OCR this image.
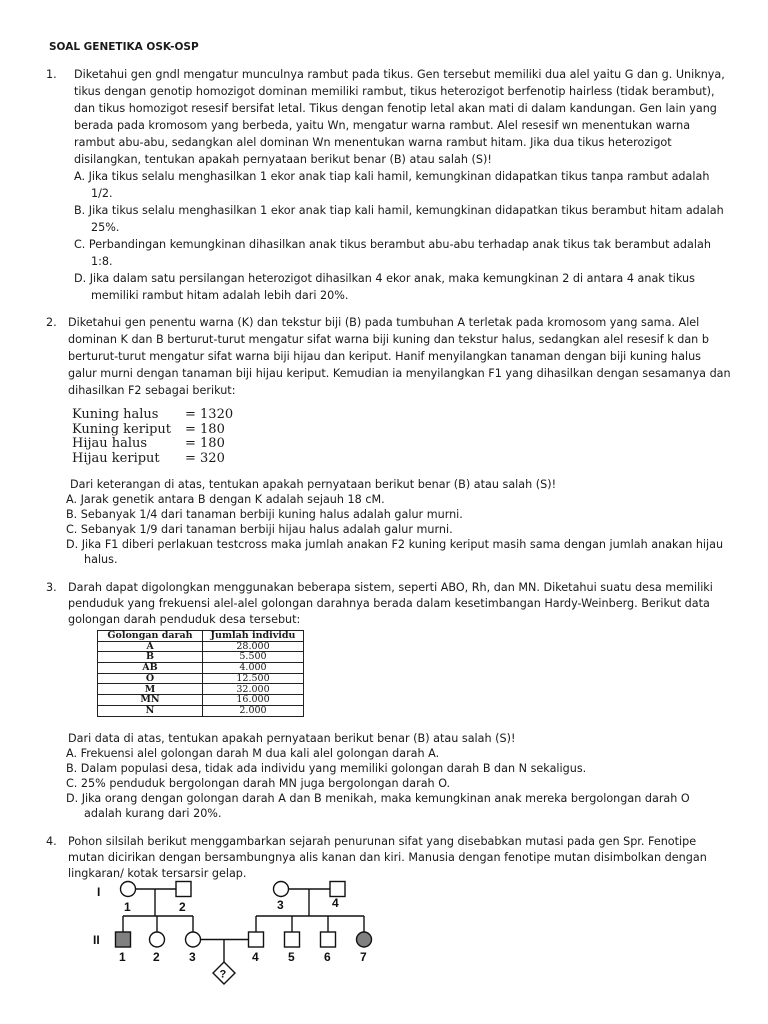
SOAL GENETIKA OSK-OSP
1. Diketahui gen gndl mengatur munculnya rambut pada tikus. Gen tersebut memiliki dua alel yaitu G dan g. Uniknya,
tikus dengan genotip homozigot dominan memiliki rambut, tikus heterozigot berfenotip hairless (tidak berambut),
dan tikus homozigot resesif bersifat letal. Tikus dengan fenotip letal akan mati di dalam kandungan. Gen lain yang
berada pada kromosom yang berbeda, yaitu Wn, mengatur warna rambut. Alel resesif wn menentukan warna
rambut abu-abu, sedangkan alel dominan Wn menentukan warna rambut hitam. Jika dua tikus heterozigot
disilangkan, tentukan apakah pernyataan berikut benar (B) atau salah (S)!
A. Jika tikus selalu menghasilkan 1 ekor anak tiap kali hamil, kemungkinan didapatkan tikus tanpa rambut adalah
1/2.
B. Jika tikus selalu menghasilkan 1 ekor anak tiap kali hamil, kemungkinan didapatkan tikus berambut hitam adalah
25%.
C. Perbandingan kemungkinan dihasilkan anak tikus berambut abu-abu terhadap anak tikus tak berambut adalah
1:8.
D. Jika dalam satu persilangan heterozigot dihasilkan 4 ekor anak, maka kemungkinan 2 di antara 4 anak tikus
memiliki rambut hitam adalah lebih dari 20%.
2. Diketahui gen penentu warna (K) dan tekstur biji (B) pada tumbuhan A terletak pada kromosom yang sama. Alel
dominan K dan B berturut-turut mengatur sifat warna biji kuning dan tekstur halus, sedangkan alel resesif k dan b
berturut-turut mengatur sifat warna biji hijau dan keriput. Hanif menyilangkan tanaman dengan biji kuning halus
galur murni dengan tanaman biji hijau keriput. Kemudian ia menyilangkan F1 yang dihasilkan dengan sesamanya dan
dihasilkan F2 sebagai berikut:
Kuning halus = 1320
Kuning keriput = 180
Hijau halus	= 180
Hijau keriput = 320
Dari keterangan di atas, tentukan apakah pernyataan berikut benar (B) atau salah (S)!
A. Jarak genetik antara B dengan K adalah sejauh 18 cM.
B. Sebanyak 1/4 dari tanaman berbiji kuning halus adalah galur murni.
C. Sebanyak 1/9 dari tanaman berbiji hijau halus adalah galur murni.
D. Jika F1 diberi perlakuan testcross maka jumlah anakan F2 kuning keriput masih sama dengan jumlah anakan hijau
halus.
3. Darah dapat digolongkan menggunakan beberapa sistem, seperti ABO, Rh, dan MN. Diketahui suatu desa memiliki
penduduk yang frekuensi alel-alel golongan darahnya berada dalam kesetimbangan Hardy-Weinberg. Berikut data
golongan darah penduduk desa tersebut:
Golongan darah	Jumlah individu
A	28.000
B	5.500
AB	4.000
O	12.500
M	32.000
MN	16.000
N	2.000
Dari data di atas, tentukan apakah pernyataan berikut benar (B) atau salah (S)!
A. Frekuensi alel golongan darah M dua kali alel golongan darah A.
B. Dalam populasi desa, tidak ada individu yang memiliki golongan darah B dan N sekaligus.
C. 25% penduduk bergolongan darah MN juga bergolongan darah O.
D. Jika orang dengan golongan darah A dan B menikah, maka kemungkinan anak mereka bergolongan darah O
adalah kurang dari 20%.
4. Pohon silsilah berikut menggambarkan sejarah penurunan sifat yang disebabkan mutasi pada gen Spr. Fenotipe
mutan dicirikan dengan bersambungnya alis kanan dan kiri. Manusia dengan fenotipe mutan disimbolkan dengan
lingkaran/ kotak tersarsir gelap.
I
1	2	3	4
II
1 2 3	4 5 6 7
?
